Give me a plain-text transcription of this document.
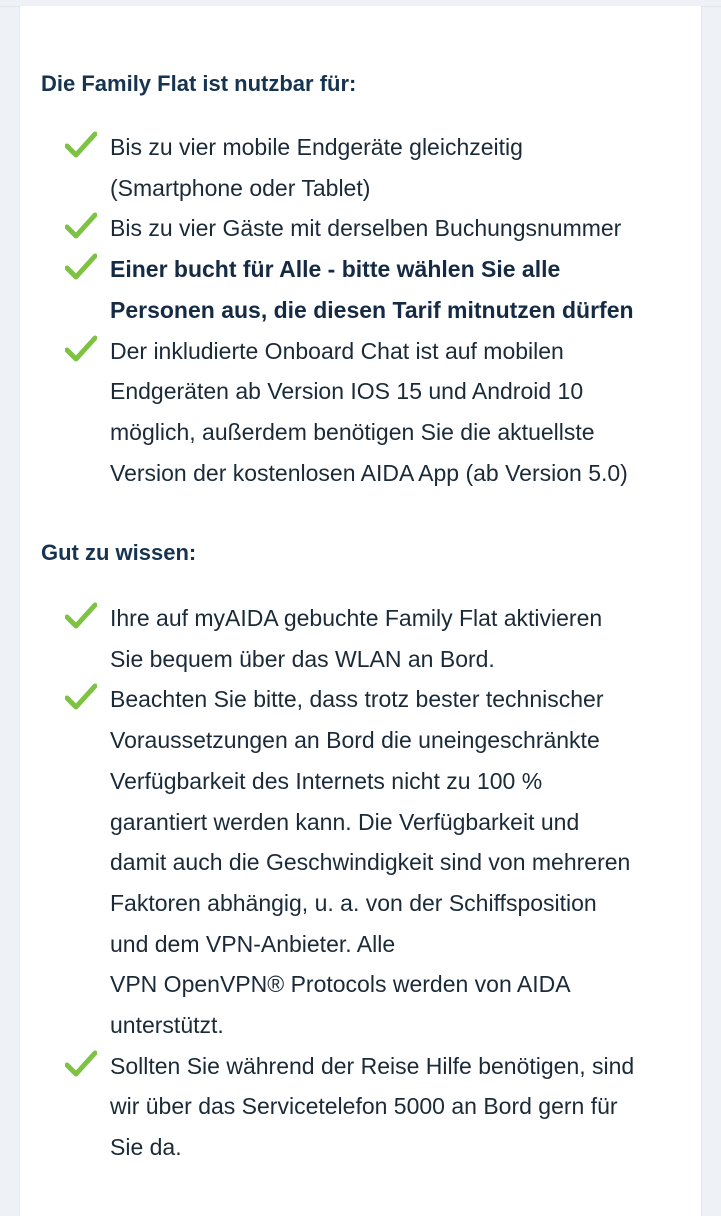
Die Family Flat ist nutzbar für:
Bis zu vier mobile Endgeräte gleichzeitig
(Smartphone oder Tablet)
Bis zu vier Gäste mit derselben Buchungsnummer
Einer bucht für Alle - bitte wählen Sie alle
Personen aus, die diesen Tarif mitnutzen dürfen
Der inkludierte Onboard Chat ist auf mobilen
Endgeräten ab Version IOS 15 und Android 10
möglich, außerdem benötigen Sie die aktuellste
Version der kostenlosen AIDA App (ab Version 5.0)
Gut zu wissen:
Ihre auf myAIDA gebuchte Family Flat aktivieren
Sie bequem über das WLAN an Bord.
Beachten Sie bitte, dass trotz bester technischer
Voraussetzungen an Bord die uneingeschränkte
Verfügbarkeit des Internets nicht zu 100 %
garantiert werden kann. Die Verfügbarkeit und
damit auch die Geschwindigkeit sind von mehreren
Faktoren abhängig, u. a. von der Schiffsposition
und dem VPN-Anbieter. Alle
VPN OpenVPN® Protocols werden von AIDA
unterstützt.
Sollten Sie während der Reise Hilfe benötigen, sind
wir über das Servicetelefon 5000 an Bord gern für
Sie da.
